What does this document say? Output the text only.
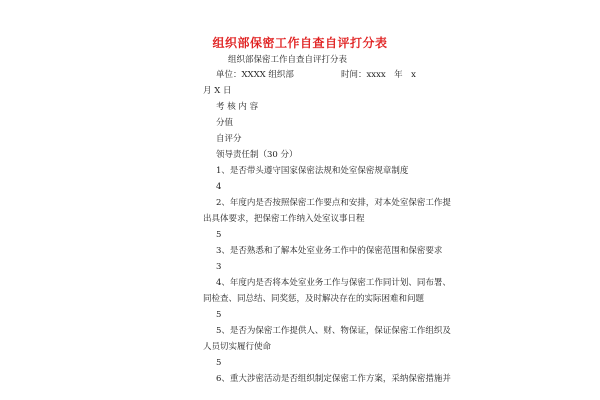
组织部保密工作自查自评打分表
组织部保密工作自查自评打分表
单位：XXXX 组织部	时间：xxxx　年　x
月 X 日
考 核 内 容
分值
自评分
领导责任制（30 分）
1、是否带头遵守国家保密法规和处室保密规章制度
4
2、年度内是否按照保密工作要点和安排，对本处室保密工作提
出具体要求，把保密工作纳入处室议事日程
5
3、是否熟悉和了解本处室业务工作中的保密范围和保密要求
3
4、年度内是否将本处室业务工作与保密工作同计划、同布署、
同检查、同总结、同奖惩，及时解决存在的实际困难和问题
5
5、是否为保密工作提供人、财、物保证，保证保密工作组织及
人员切实履行使命
5
6、重大涉密活动是否组织制定保密工作方案，采纳保密措施并
